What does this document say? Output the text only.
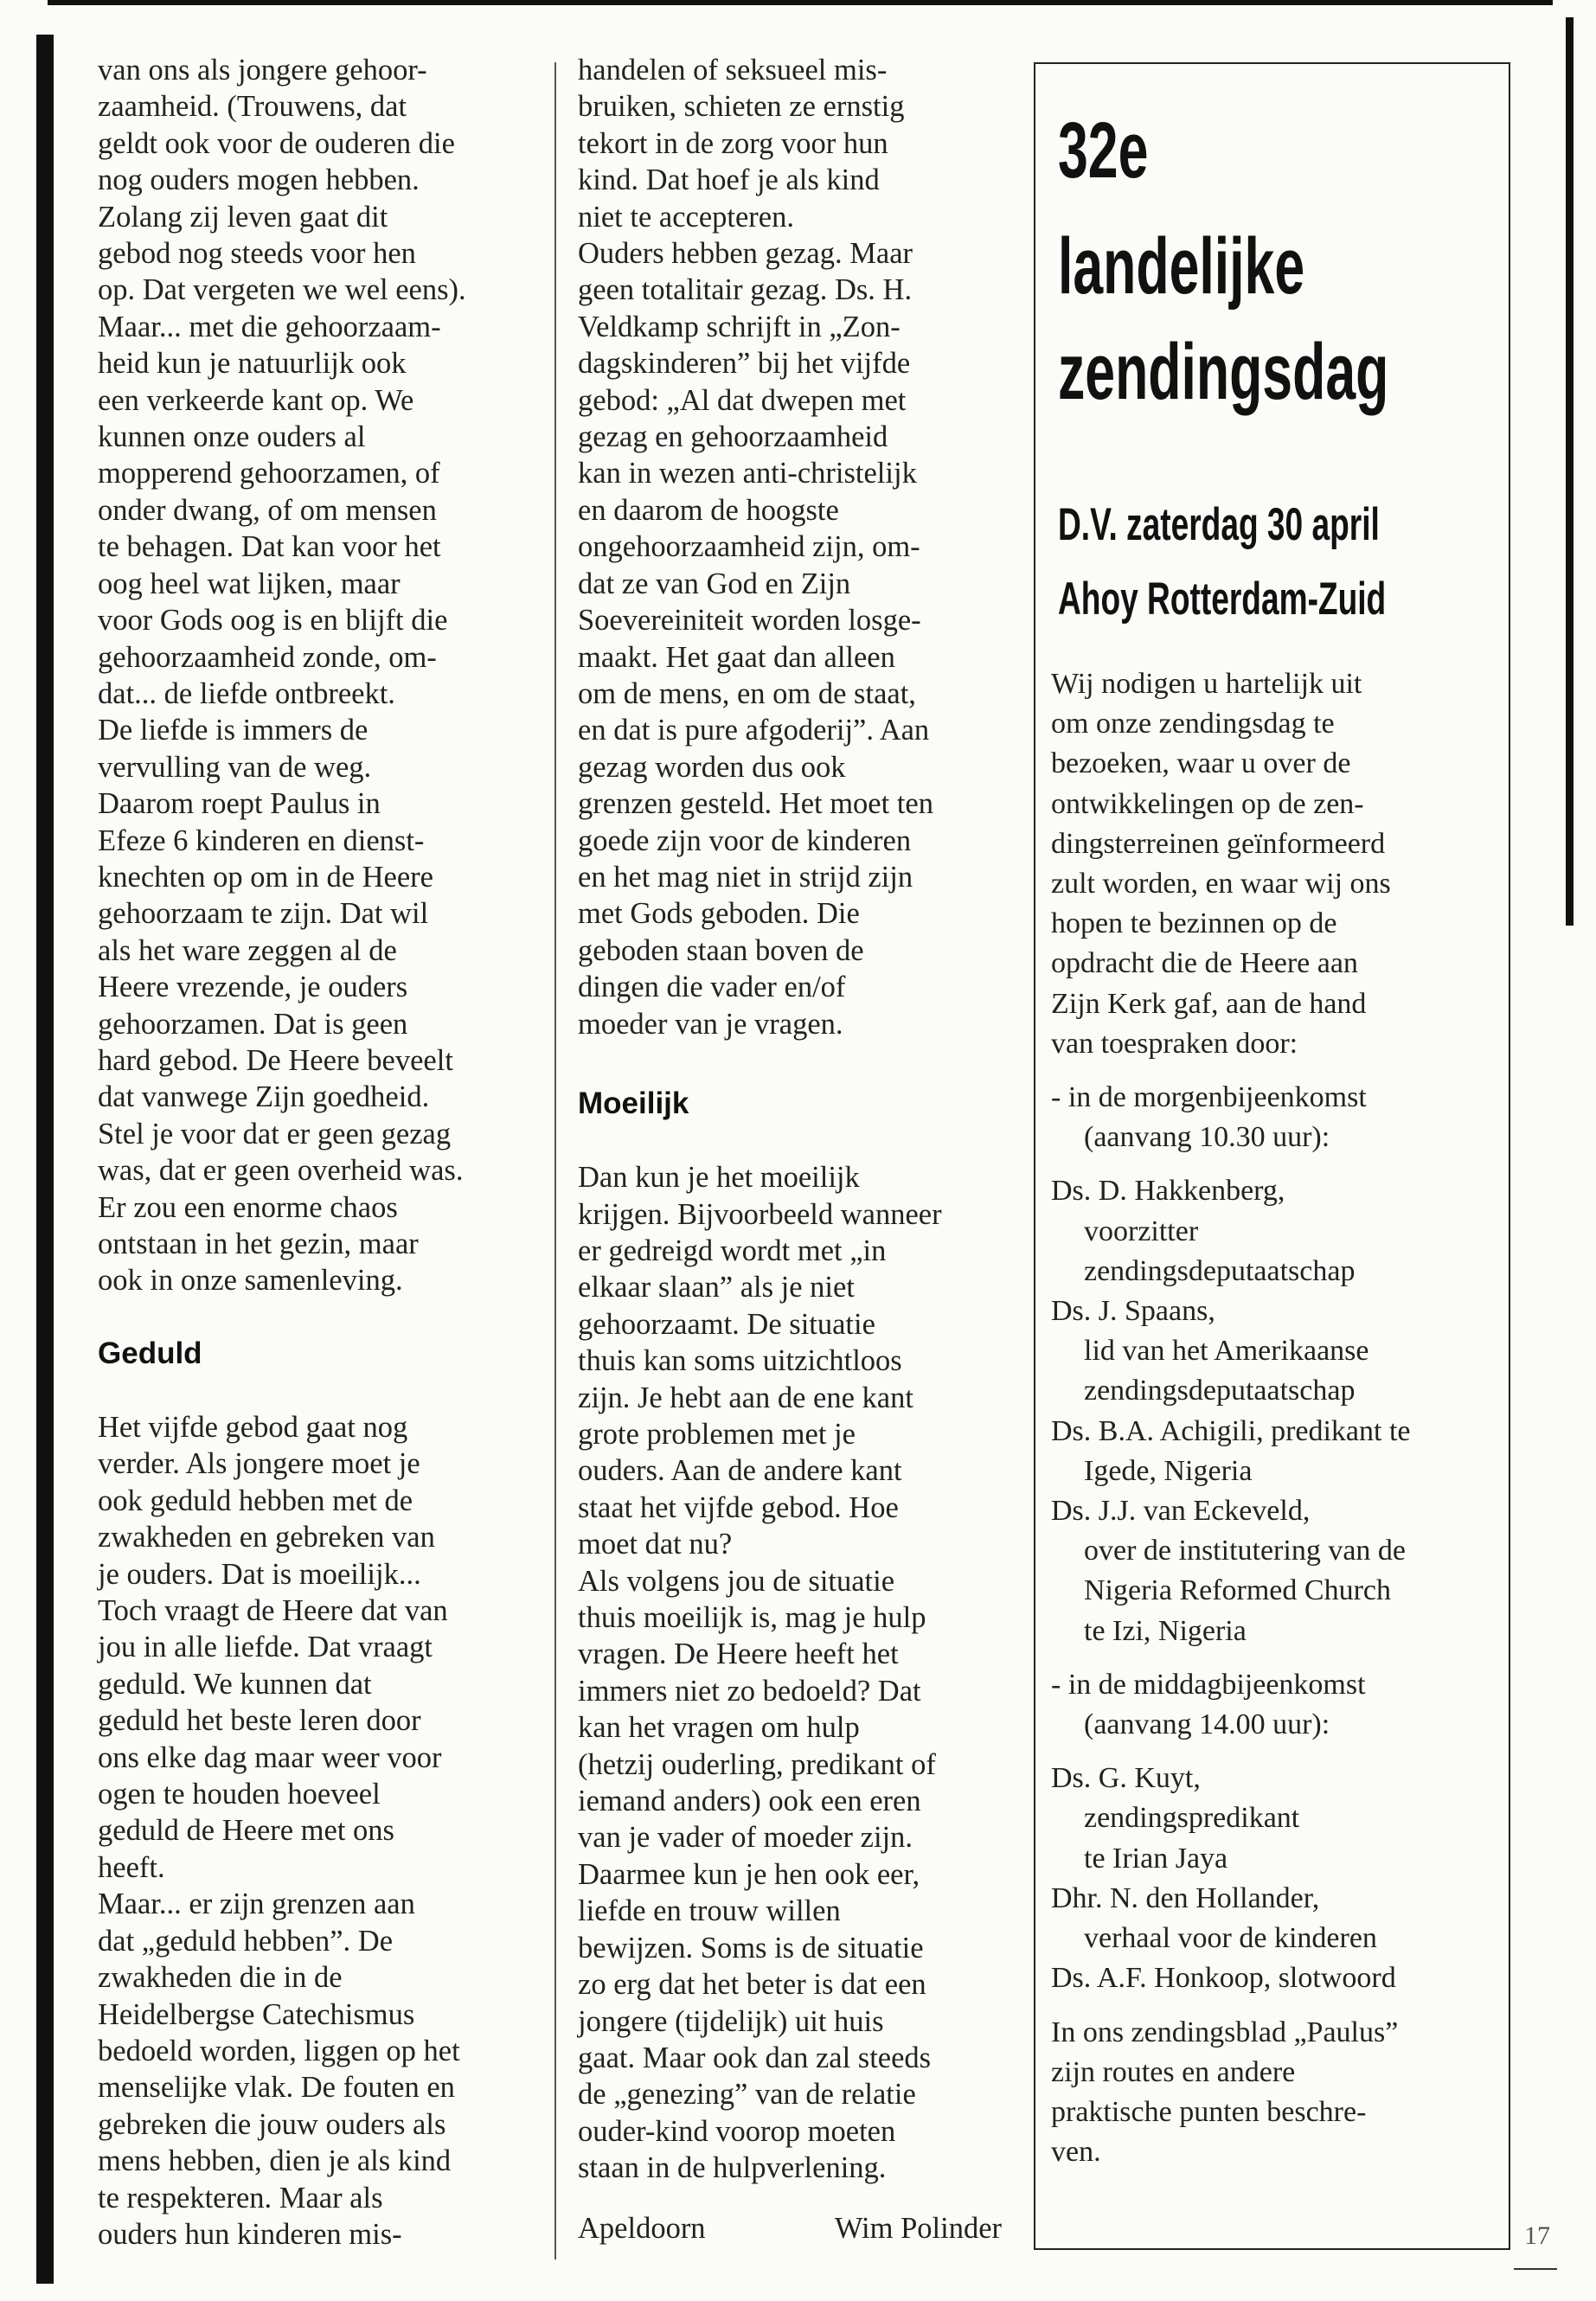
17

van ons als jongere gehoor-

zaamheid. (Trouwens, dat

geldt ook voor de ouderen die

nog ouders mogen hebben.

Zolang zij leven gaat dit

gebod nog steeds voor hen

op. Dat vergeten we wel eens).

Maar... met die gehoorzaam-

heid kun je natuurlijk ook

een verkeerde kant op. We

kunnen onze ouders al

mopperend gehoorzamen, of

onder dwang, of om mensen

te behagen. Dat kan voor het

oog heel wat lijken, maar

voor Gods oog is en blijft die

gehoorzaamheid zonde, om-

dat... de liefde ontbreekt.

De liefde is immers de

vervulling van de weg.

Daarom roept Paulus in

Efeze 6 kinderen en dienst-

knechten op om in de Heere

gehoorzaam te zijn. Dat wil

als het ware zeggen al de

Heere vrezende, je ouders

gehoorzamen. Dat is geen

hard gebod. De Heere beveelt

dat vanwege Zijn goedheid.

Stel je voor dat er geen gezag

was, dat er geen overheid was.

Er zou een enorme chaos

ontstaan in het gezin, maar

ook in onze samenleving.

Geduld

Het vijfde gebod gaat nog

verder. Als jongere moet je

ook geduld hebben met de

zwakheden en gebreken van

je ouders. Dat is moeilijk...

Toch vraagt de Heere dat van

jou in alle liefde. Dat vraagt

geduld. We kunnen dat

geduld het beste leren door

ons elke dag maar weer voor

ogen te houden hoeveel

geduld de Heere met ons

heeft.

Maar... er zijn grenzen aan

dat „geduld hebben”. De

zwakheden die in de

Heidelbergse Catechismus

bedoeld worden, liggen op het

menselijke vlak. De fouten en

gebreken die jouw ouders als

mens hebben, dien je als kind

te respekteren. Maar als

ouders hun kinderen mis-

handelen of seksueel mis-

bruiken, schieten ze ernstig

tekort in de zorg voor hun

kind. Dat hoef je als kind

niet te accepteren.

Ouders hebben gezag. Maar

geen totalitair gezag. Ds. H.

Veldkamp schrijft in „Zon-

dagskinderen” bij het vijfde

gebod: „Al dat dwepen met

gezag en gehoorzaamheid

kan in wezen anti-christelijk

en daarom de hoogste

ongehoorzaamheid zijn, om-

dat ze van God en Zijn

Soevereiniteit worden losge-

maakt. Het gaat dan alleen

om de mens, en om de staat,

en dat is pure afgoderij”. Aan

gezag worden dus ook

grenzen gesteld. Het moet ten

goede zijn voor de kinderen

en het mag niet in strijd zijn

met Gods geboden. Die

geboden staan boven de

dingen die vader en/of

moeder van je vragen.

Moeilijk

Dan kun je het moeilijk

krijgen. Bijvoorbeeld wanneer

er gedreigd wordt met „in

elkaar slaan” als je niet

gehoorzaamt. De situatie

thuis kan soms uitzichtloos

zijn. Je hebt aan de ene kant

grote problemen met je

ouders. Aan de andere kant

staat het vijfde gebod. Hoe

moet dat nu?

Als volgens jou de situatie

thuis moeilijk is, mag je hulp

vragen. De Heere heeft het

immers niet zo bedoeld? Dat

kan het vragen om hulp

(hetzij ouderling, predikant of

iemand anders) ook een eren

van je vader of moeder zijn.

Daarmee kun je hen ook eer,

liefde en trouw willen

bewijzen. Soms is de situatie

zo erg dat het beter is dat een

jongere (tijdelijk) uit huis

gaat. Maar ook dan zal steeds

de „genezing” van de relatie

ouder-kind voorop moeten

staan in de hulpverlening.

Apeldoorn	Wim Polinder

32e

landelijke

zendingsdag

D.V. zaterdag 30 april

Ahoy Rotterdam-Zuid

Wij nodigen u hartelijk uit

om onze zendingsdag te

bezoeken, waar u over de

ontwikkelingen op de zen-

dingsterreinen geïnformeerd

zult worden, en waar wij ons

hopen te bezinnen op de

opdracht die de Heere aan

Zijn Kerk gaf, aan de hand

van toespraken door:

- in de morgenbijeenkomst

(aanvang 10.30 uur):

Ds. D. Hakkenberg,

voorzitter

zendingsdeputaatschap

Ds. J. Spaans,

lid van het Amerikaanse

zendingsdeputaatschap

Ds. B.A. Achigili, predikant te

Igede, Nigeria

Ds. J.J. van Eckeveld,

over de institutering van de

Nigeria Reformed Church

te Izi, Nigeria

- in de middagbijeenkomst

(aanvang 14.00 uur):

Ds. G. Kuyt,

zendingspredikant

te Irian Jaya

Dhr. N. den Hollander,

verhaal voor de kinderen

Ds. A.F. Honkoop, slotwoord

In ons zendingsblad „Paulus”

zijn routes en andere

praktische punten beschre-

ven.
